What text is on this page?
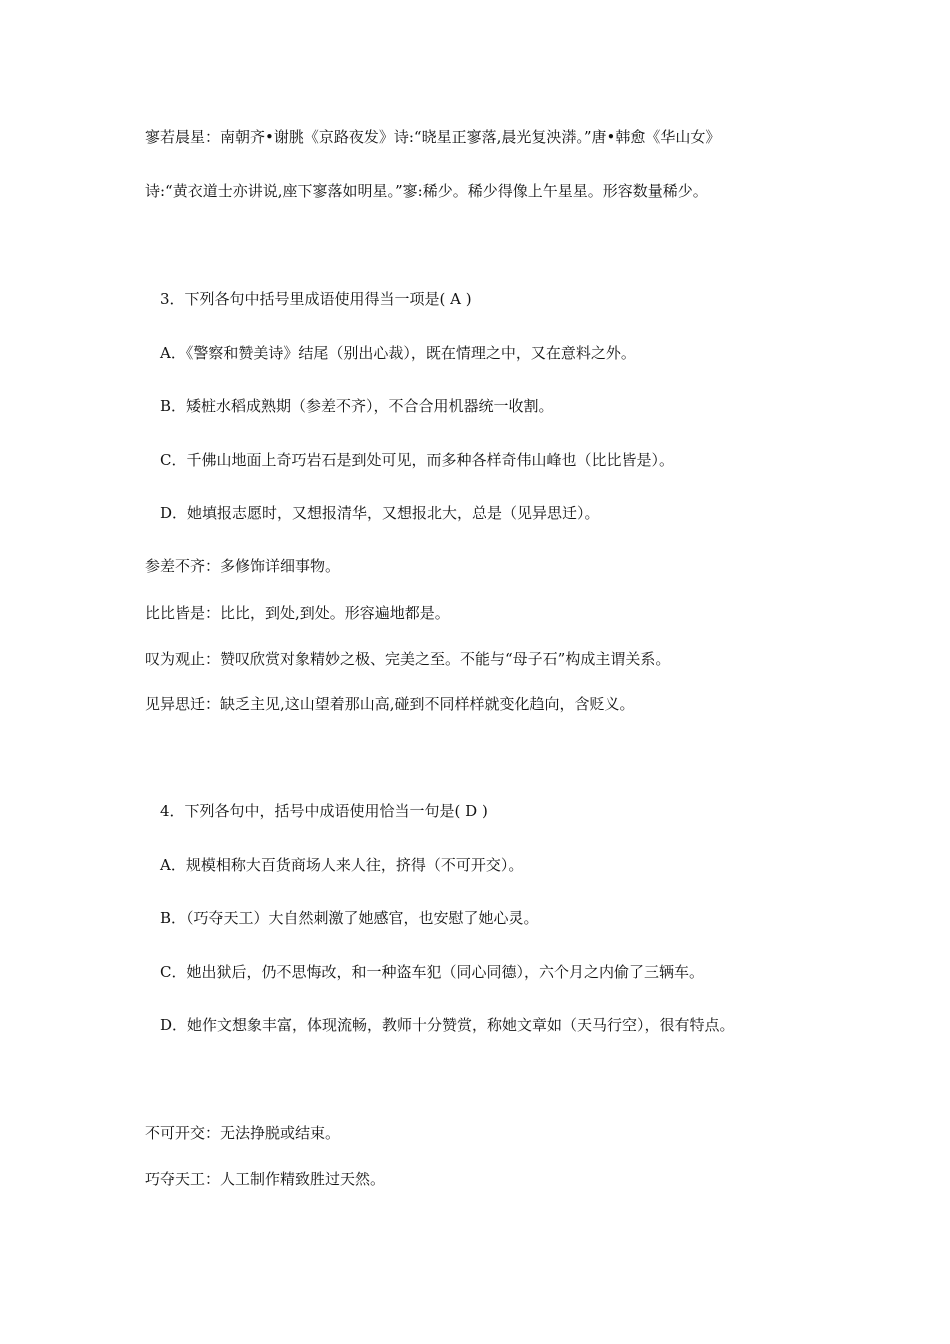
寥若晨星：南朝齐•谢朓《京路夜发》诗:“晓星正寥落,晨光复泱漭。”唐•韩愈《华山女》
诗:“黄衣道士亦讲说,座下寥落如明星。”寥:稀少。稀少得像上午星星。形容数量稀少。
3．下列各句中括号里成语使用得当一项是( A )
A．《警察和赞美诗》结尾（别出心裁），既在情理之中，又在意料之外。
B．矮桩水稻成熟期（参差不齐），不合合用机器统一收割。
C．千佛山地面上奇巧岩石是到处可见，而多种各样奇伟山峰也（比比皆是）。
D．她填报志愿时，又想报清华，又想报北大，总是（见异思迁）。
参差不齐：多修饰详细事物。
比比皆是：比比，到处,到处。形容遍地都是。
叹为观止：赞叹欣赏对象精妙之极、完美之至。不能与“母子石”构成主谓关系。
见异思迁：缺乏主见,这山望着那山高,碰到不同样样就变化趋向，含贬义。
4．下列各句中，括号中成语使用恰当一句是( D )
A．规模相称大百货商场人来人往，挤得（不可开交）。
B．（巧夺天工）大自然刺激了她感官，也安慰了她心灵。
C．她出狱后，仍不思悔改，和一种盗车犯（同心同德），六个月之内偷了三辆车。
D．她作文想象丰富，体现流畅，教师十分赞赏，称她文章如（天马行空），很有特点。
不可开交：无法挣脱或结束。
巧夺天工：人工制作精致胜过天然。
